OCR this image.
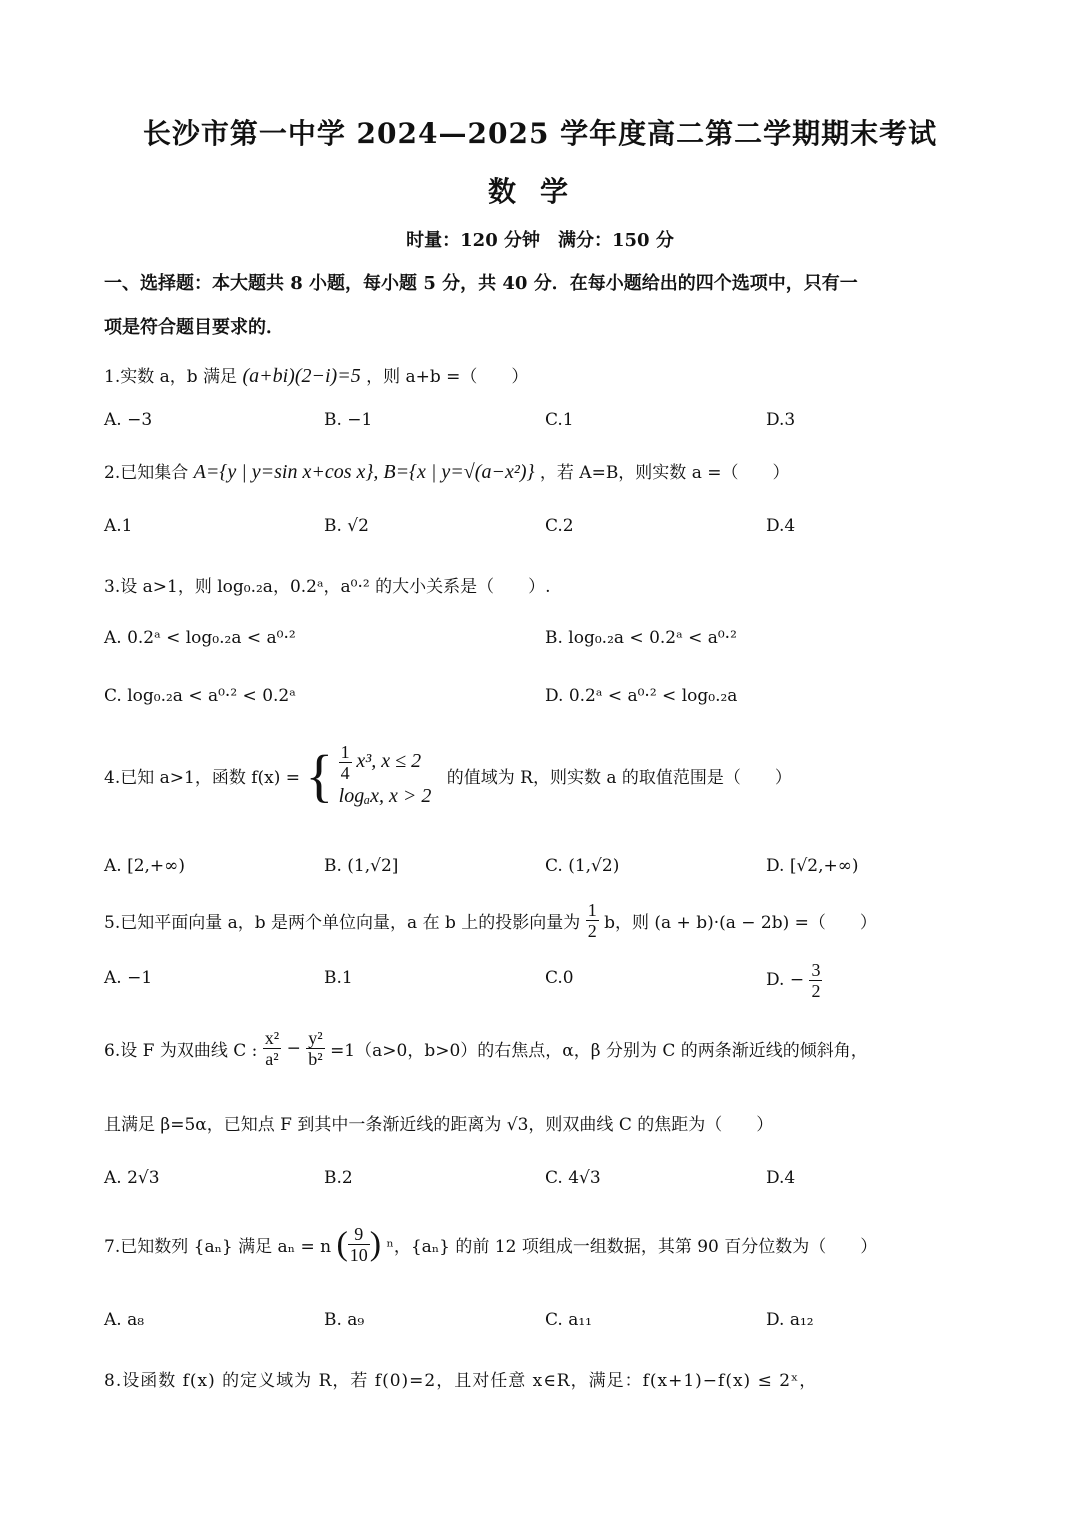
长沙市第一中学 2024—2025 学年度高二第二学期期末考试
数学
时量：120 分钟　满分：150 分
一、选择题：本大题共 8 小题，每小题 5 分，共 40 分．在每小题给出的四个选项中，只有一
项是符合题目要求的．
1.实数 a，b 满足 (a+bi)(2−i)=5 ，则 a+b =（　　）
A. −3	B. −1	C.1	D.3
2.已知集合 A={y | y=sin x+cos x}, B={x | y=√(a−x²)} ，若 A=B，则实数 a =（　　）
A.1	B. √2	C.2	D.4
3.设 a>1，则 log₀.₂a，0.2ᵃ，a⁰·² 的大小关系是（　　）.
A. 0.2ᵃ < log₀.₂a < a⁰·²	B. log₀.₂a < 0.2ᵃ < a⁰·²
C. log₀.₂a < a⁰·² < 0.2ᵃ	D. 0.2ᵃ < a⁰·² < log₀.₂a
4.已知 a>1，函数 f(x) = { $\frac{1}{4} x^3$, x ≤ 2
logₐx, x > 2
的值域为 R，则实数 a 的取值范围是（　　）
A. [2,+∞)	B. (1,√2]	C. (1,√2)	D. [√2,+∞)
5.已知平面向量 a，b 是两个单位向量，a 在 b 上的投影向量为 $\frac{1}{2}$ b，则 (a + b)·(a − 2b) =（　　）
A. −1	B.1	C.0	D. − $\frac{3}{2}$
6.设 F 为双曲线 C : $\frac{\text{x²}}{\text{a²}} - \frac{\text{y²}}{\text{b²}} =1(a>0$，b>0）的右焦点，α，β 分别为 C 的两条渐近线的倾斜角，
且满足 β=5α，已知点 F 到其中一条渐近线的距离为 √3，则双曲线 C 的焦距为（　　）
A. 2√3	B.2	C. 4√3	D.4
7.已知数列 {aₙ} 满足 aₙ = n ( $\frac{9}{10}$ ) ⁿ，{aₙ} 的前 12 项组成一组数据，其第 90 百分位数为（　　）
A. a₈	B. a₉	C. a₁₁	D. a₁₂
8.设函数 f(x) 的定义域为 R，若 f(0)=2，且对任意 x∈R，满足：f(x+1)−f(x) ≤ 2ˣ，
